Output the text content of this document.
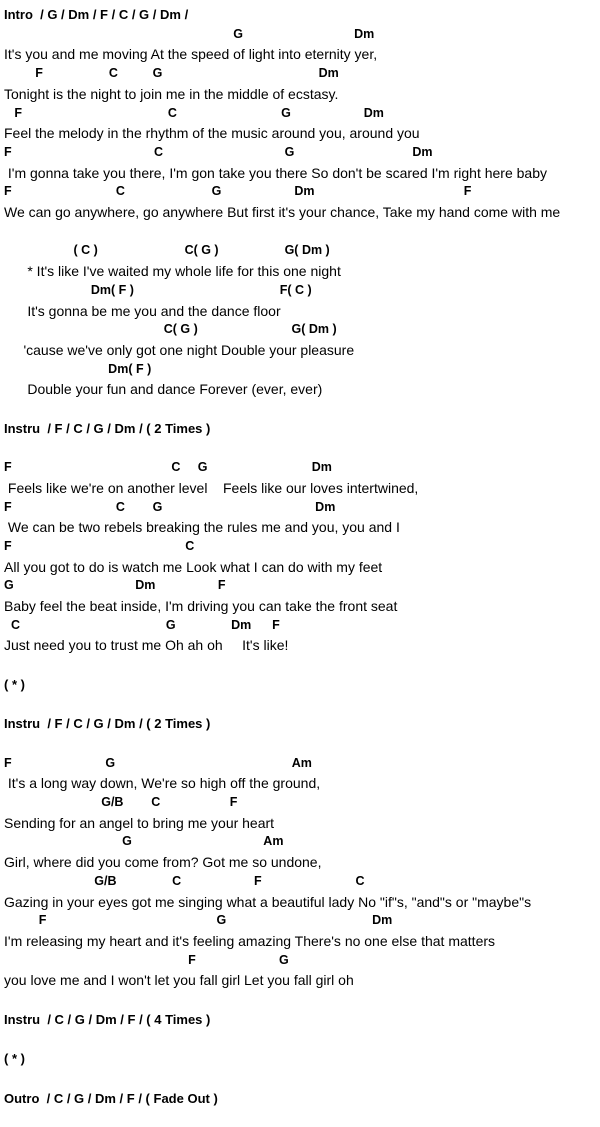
Intro  / G / Dm / F / C / G / Dm /
G                                Dm
It's you and me moving At the speed of light into eternity yer,
F                   C          G                                             Dm
Tonight is the night to join me in the middle of ecstasy.
F                                          C                              G                     Dm
Feel the melody in the rhythm of the music around you, around you
F                                         C                                   G                                  Dm
I'm gonna take you there, I'm gon take you there So don't be scared I'm right here baby
F                              C                         G                     Dm                                           F
We can go anywhere, go anywhere But first it's your chance, Take my hand come with me
( C )                         C( G )                   G( Dm )
* It's like I've waited my whole life for this one night
Dm( F )                                          F( C )
It's gonna be me you and the dance floor
C( G )                           G( Dm )
'cause we've only got one night Double your pleasure
Dm( F )
Double your fun and dance Forever (ever, ever)
Instru  / F / C / G / Dm / ( 2 Times )
F                                              C     G                              Dm
Feels like we're on another level    Feels like our loves intertwined,
F                              C        G                                            Dm
We can be two rebels breaking the rules me and you, you and I
F                                                  C
All you got to do is watch me Look what I can do with my feet
G                                   Dm                  F
Baby feel the beat inside, I'm driving you can take the front seat
C                                          G                Dm      F
Just need you to trust me Oh ah oh     It's like!
( * )
Instru  / F / C / G / Dm / ( 2 Times )
F                           G                                                   Am
It's a long way down, We're so high off the ground,
G/B        C                    F
Sending for an angel to bring me your heart
G                                      Am
Girl, where did you come from? Got me so undone,
G/B                C                     F                           C
Gazing in your eyes got me singing what a beautiful lady No "if"s, "and"s or "maybe"s
F                                                 G                                          Dm
I'm releasing my heart and it's feeling amazing There's no one else that matters
F                        G
you love me and I won't let you fall girl Let you fall girl oh
Instru  / C / G / Dm / F / ( 4 Times )
( * )
Outro  / C / G / Dm / F / ( Fade Out )
